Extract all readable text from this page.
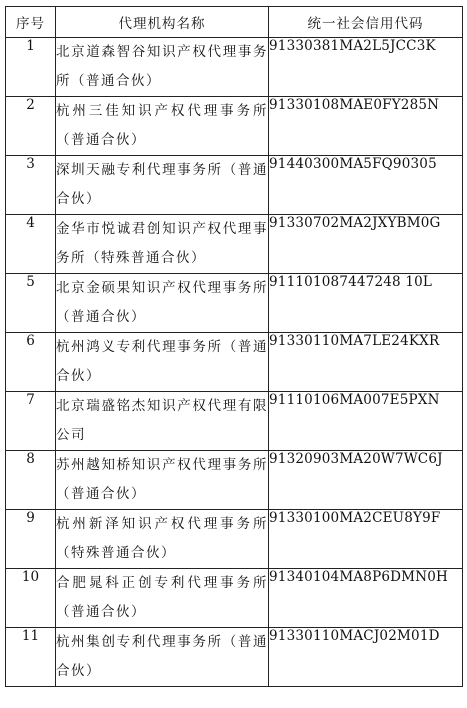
序号	代理机构名称	统一社会信用代码
1	北京道森智谷知识产权代理事务所（普通合伙）	91330381MA2L5JCC3K
2	杭州三佳知识产权代理事务所（普通合伙）	91330108MAE0FY285N
3	深圳天融专利代理事务所（普通合伙）	91440300MA5FQ90305
4	金华市悦诚君创知识产权代理事务所（特殊普通合伙）	91330702MA2JXYBM0G
5	北京金硕果知识产权代理事务所（普通合伙）	911101087447248 10L
6	杭州鸿义专利代理事务所（普通合伙）	91330110MA7LE24KXR
7	北京瑞盛铭杰知识产权代理有限公司	91110106MA007E5PXN
8	苏州越知桥知识产权代理事务所（普通合伙）	91320903MA20W7WC6J
9	杭州新泽知识产权代理事务所（特殊普通合伙）	91330100MA2CEU8Y9F
10	合肥晁科正创专利代理事务所（普通合伙）	91340104MA8P6DMN0H
11	杭州集创专利代理事务所（普通合伙）	91330110MACJ02M01D
